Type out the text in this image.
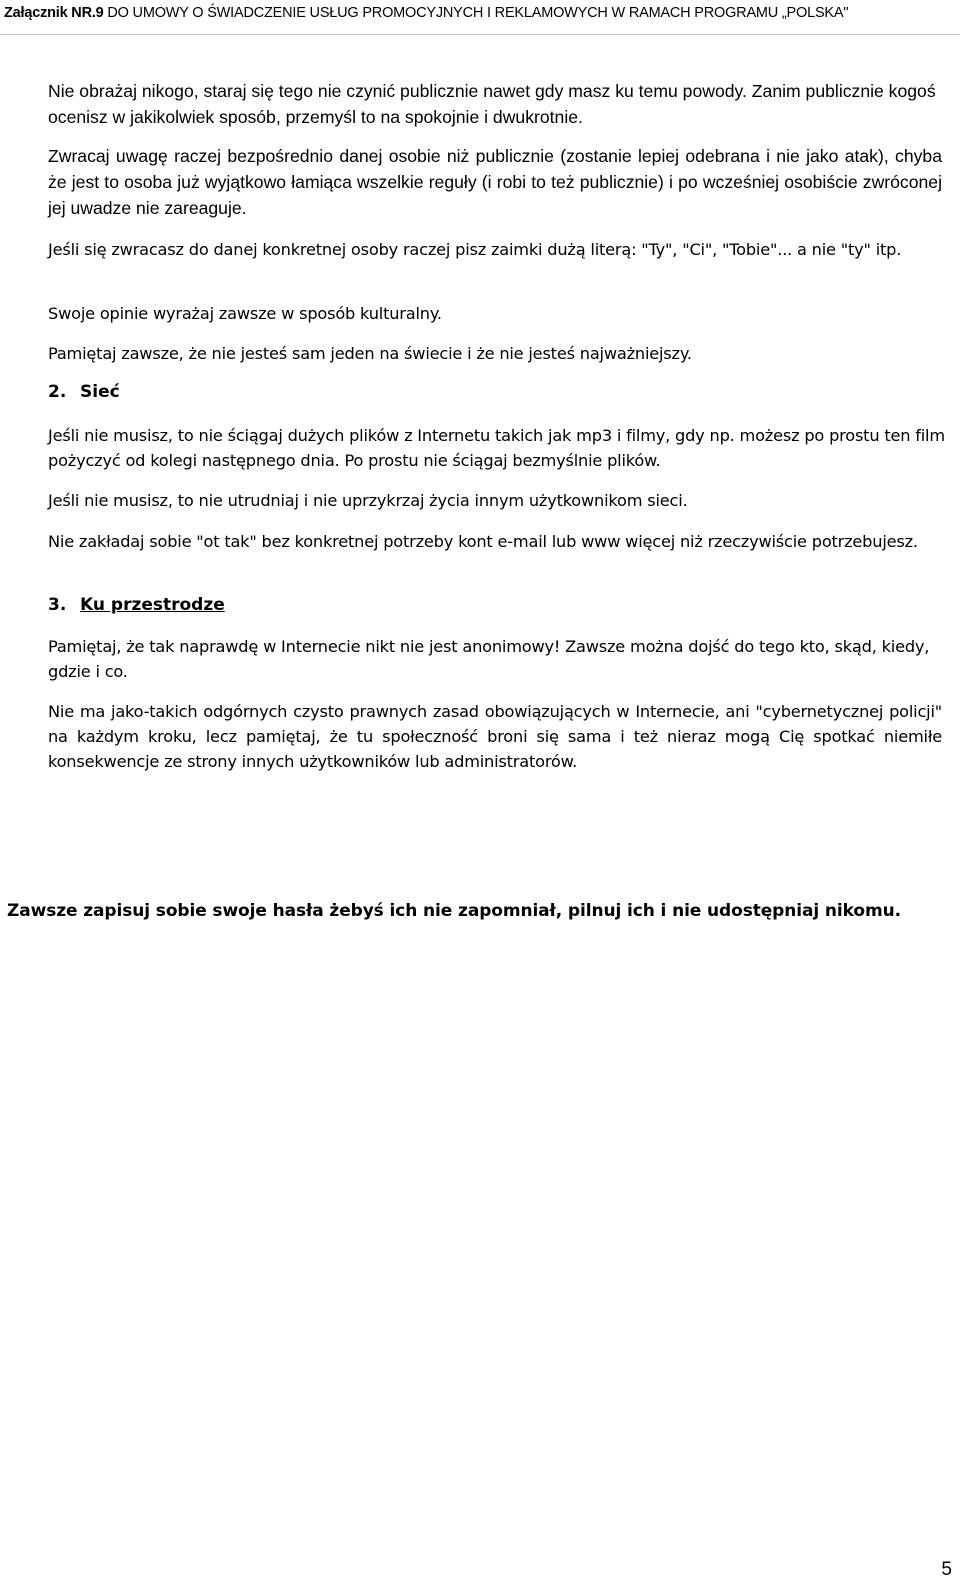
Załącznik NR.9 DO UMOWY O ŚWIADCZENIE USŁUG PROMOCYJNYCH I REKLAMOWYCH W RAMACH PROGRAMU „POLSKA"

Nie obrażaj nikogo, staraj się tego nie czynić publicznie nawet gdy masz ku temu powody. Zanim publicznie kogoś ocenisz w jakikolwiek sposób, przemyśl to na spokojnie i dwukrotnie.

Zwracaj uwagę raczej bezpośrednio danej osobie niż publicznie (zostanie lepiej odebrana i nie jako atak), chyba że jest to osoba już wyjątkowo łamiąca wszelkie reguły (i robi to też publicznie) i po wcześniej osobiście zwróconej jej uwadze nie zareaguje.

Jeśli się zwracasz do danej konkretnej osoby raczej pisz zaimki dużą literą: "Ty", "Ci", "Tobie"... a nie "ty" itp.

Swoje opinie wyrażaj zawsze w sposób kulturalny.

Pamiętaj zawsze, że nie jesteś sam jeden na świecie i że nie jesteś najważniejszy.

2. Sieć

Jeśli nie musisz, to nie ściągaj dużych plików z Internetu takich jak mp3 i filmy, gdy np. możesz po prostu ten film pożyczyć od kolegi następnego dnia. Po prostu nie ściągaj bezmyślnie plików.

Jeśli nie musisz, to nie utrudniaj i nie uprzykrzaj życia innym użytkownikom sieci.

Nie zakładaj sobie "ot tak" bez konkretnej potrzeby kont e-mail lub www więcej niż rzeczywiście potrzebujesz.

3. Ku przestrodze

Pamiętaj, że tak naprawdę w Internecie nikt nie jest anonimowy! Zawsze można dojść do tego kto, skąd, kiedy, gdzie i co.

Nie ma jako-takich odgórnych czysto prawnych zasad obowiązujących w Internecie, ani "cybernetycznej policji" na każdym kroku, lecz pamiętaj, że tu społeczność broni się sama i też nieraz mogą Cię spotkać niemiłe konsekwencje ze strony innych użytkowników lub administratorów.

Zawsze zapisuj sobie swoje hasła żebyś ich nie zapomniał, pilnuj ich i nie udostępniaj nikomu.

5
